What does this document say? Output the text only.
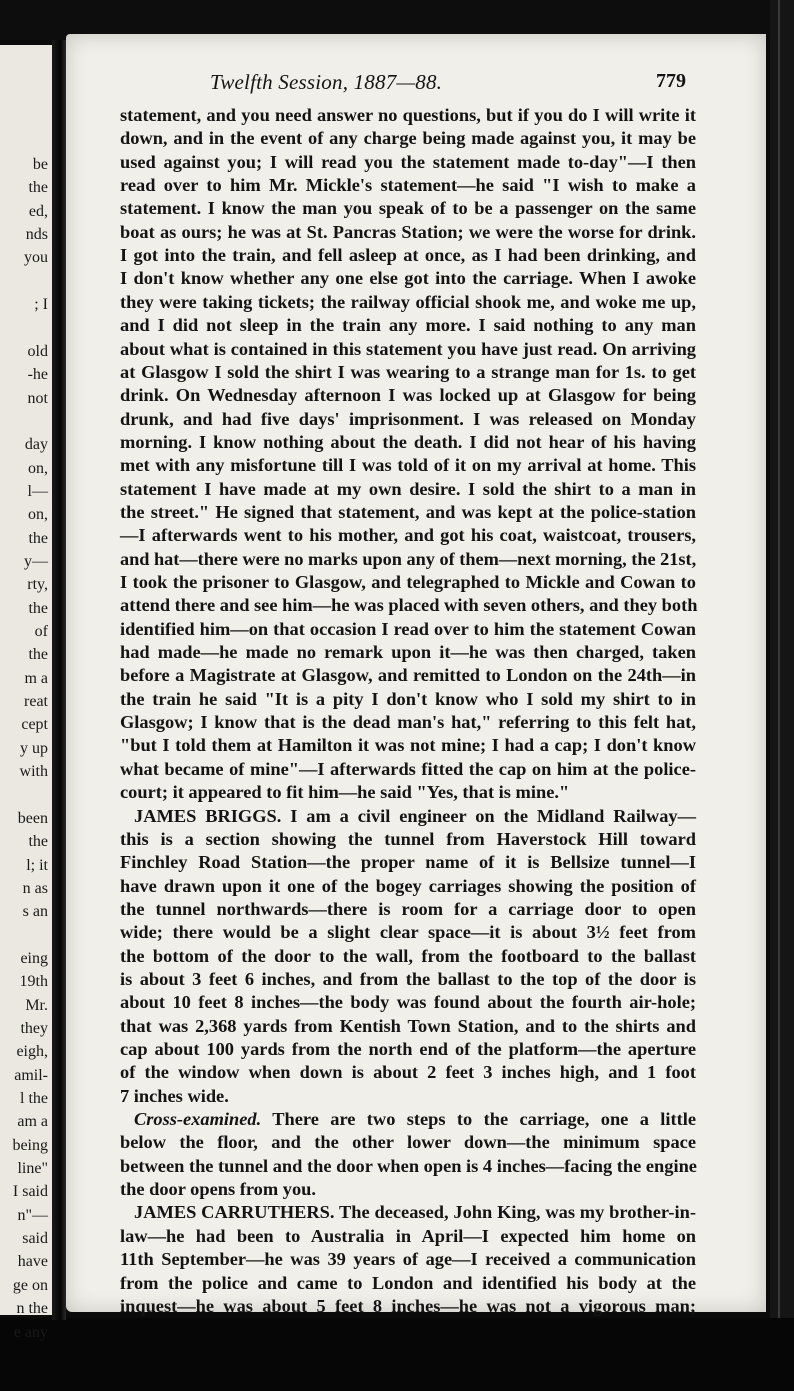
be
the
ed,
nds
you
; I
old
-he
not
day
on,
l—
on,
the
y—
rty,
the
of
the
m a
reat
cept
y up
with
been
the
l; it
n as
s an
eing
19th
Mr.
they
eigh,
amil-
l the
am a
being
line"
I said
n"—
said
have
ge on
n the
e any
Twelfth Session, 1887—88.	779
statement, and you need answer no questions, but if you do I will write it
down, and in the event of any charge being made against you, it may be
used against you; I will read you the statement made to-day"—I then
read over to him Mr. Mickle's statement—he said "I wish to make a
statement. I know the man you speak of to be a passenger on the same
boat as ours; he was at St. Pancras Station; we were the worse for drink.
I got into the train, and fell asleep at once, as I had been drinking, and
I don't know whether any one else got into the carriage. When I awoke
they were taking tickets; the railway official shook me, and woke me up,
and I did not sleep in the train any more. I said nothing to any man
about what is contained in this statement you have just read. On arriving
at Glasgow I sold the shirt I was wearing to a strange man for 1s. to get
drink. On Wednesday afternoon I was locked up at Glasgow for being
drunk, and had five days' imprisonment. I was released on Monday
morning. I know nothing about the death. I did not hear of his having
met with any misfortune till I was told of it on my arrival at home. This
statement I have made at my own desire. I sold the shirt to a man in
the street." He signed that statement, and was kept at the police-station
—I afterwards went to his mother, and got his coat, waistcoat, trousers,
and hat—there were no marks upon any of them—next morning, the 21st,
I took the prisoner to Glasgow, and telegraphed to Mickle and Cowan to
attend there and see him—he was placed with seven others, and they both
identified him—on that occasion I read over to him the statement Cowan
had made—he made no remark upon it—he was then charged, taken
before a Magistrate at Glasgow, and remitted to London on the 24th—in
the train he said "It is a pity I don't know who I sold my shirt to in
Glasgow; I know that is the dead man's hat," referring to this felt hat,
"but I told them at Hamilton it was not mine; I had a cap; I don't know
what became of mine"—I afterwards fitted the cap on him at the police-
court; it appeared to fit him—he said "Yes, that is mine."
JAMES BRIGGS. I am a civil engineer on the Midland Railway—
this is a section showing the tunnel from Haverstock Hill toward
Finchley Road Station—the proper name of it is Bellsize tunnel—I
have drawn upon it one of the bogey carriages showing the position of
the tunnel northwards—there is room for a carriage door to open
wide; there would be a slight clear space—it is about 3½ feet from
the bottom of the door to the wall, from the footboard to the ballast
is about 3 feet 6 inches, and from the ballast to the top of the door is
about 10 feet 8 inches—the body was found about the fourth air-hole;
that was 2,368 yards from Kentish Town Station, and to the shirts and
cap about 100 yards from the north end of the platform—the aperture
of the window when down is about 2 feet 3 inches high, and 1 foot
7 inches wide.
Cross-examined. There are two steps to the carriage, one a little
below the floor, and the other lower down—the minimum space
between the tunnel and the door when open is 4 inches—facing the engine
the door opens from you.
JAMES CARRUTHERS. The deceased, John King, was my brother-in-
law—he had been to Australia in April—I expected him home on
11th September—he was 39 years of age—I received a communication
from the police and came to London and identified his body at the
inquest—he was about 5 feet 8 inches—he was not a vigorous man;
